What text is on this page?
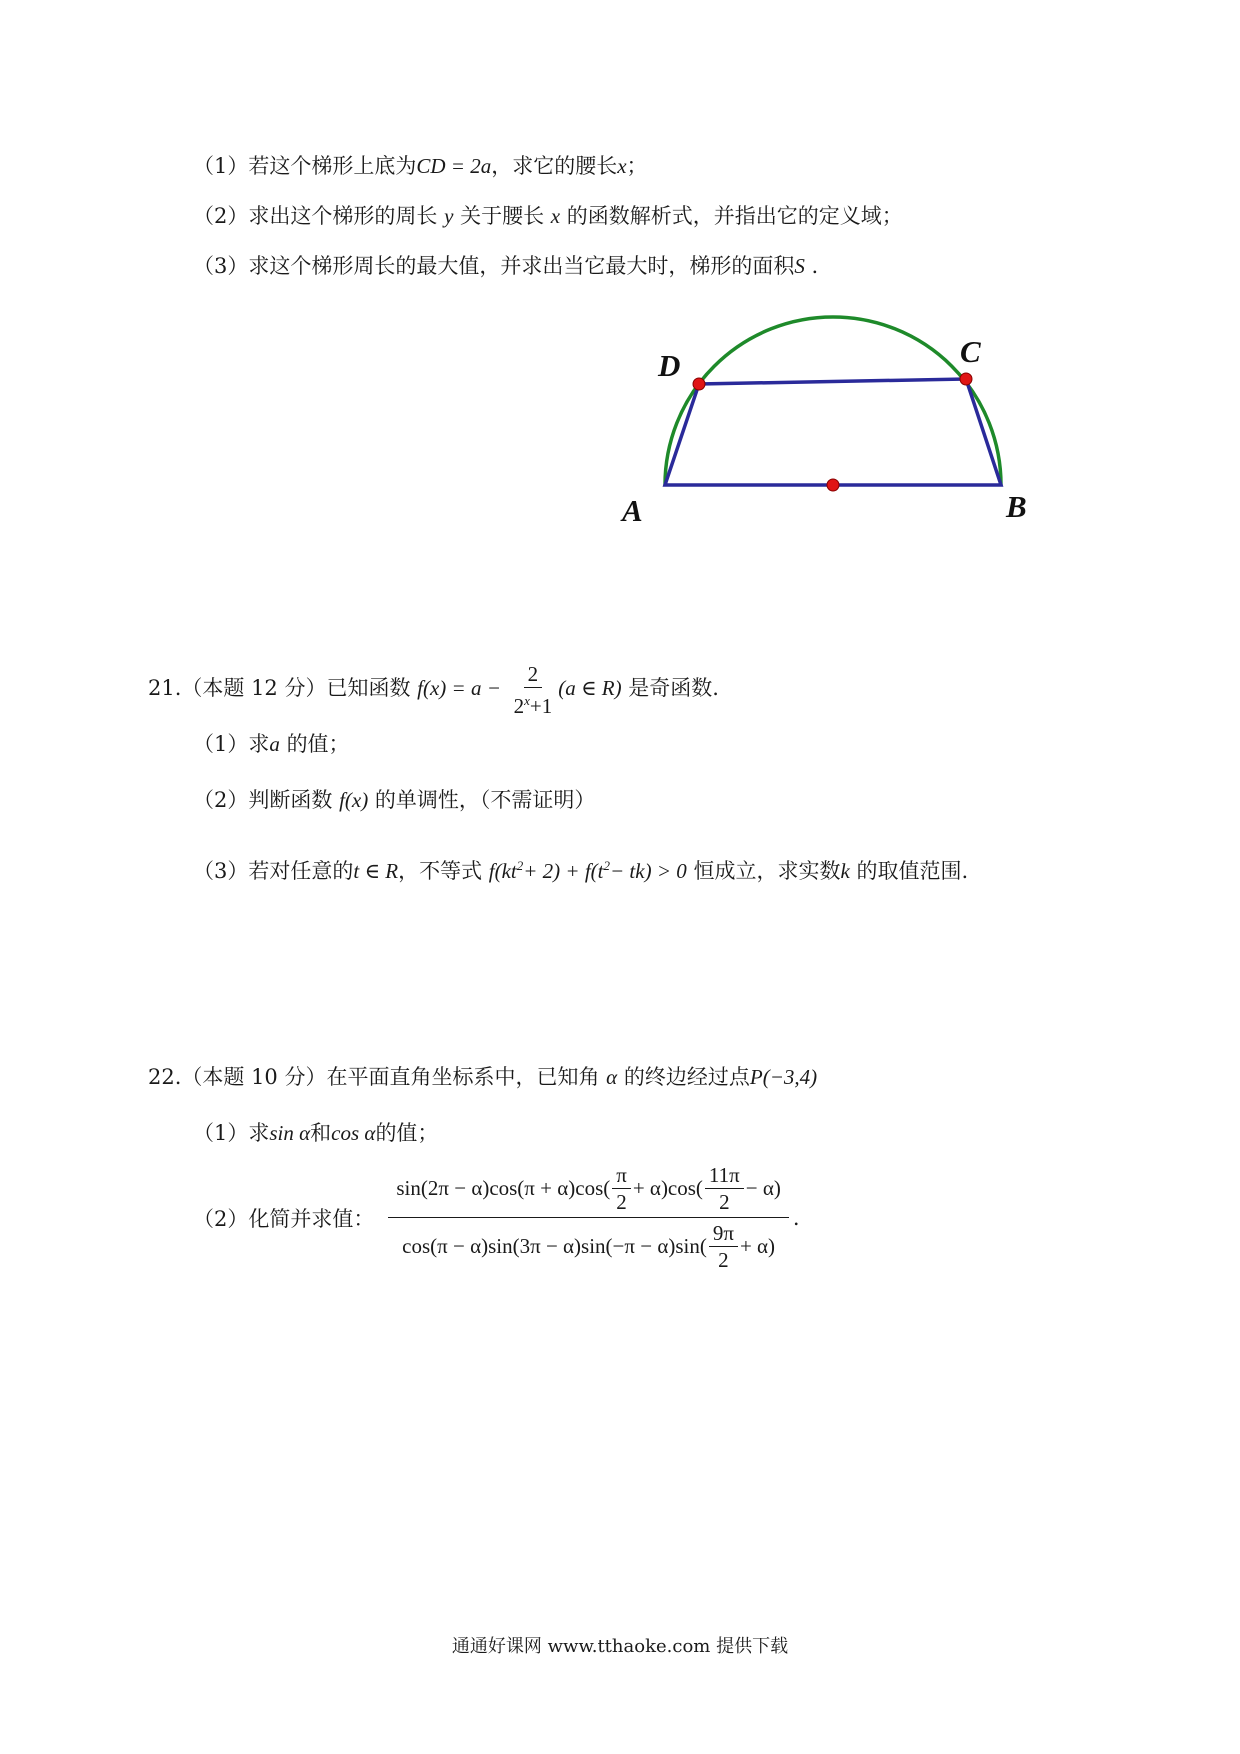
（1）若这个梯形上底为CD = 2a，求它的腰长x；
（2）求出这个梯形的周长 y 关于腰长 x 的函数解析式，并指出它的定义域；
（3）求这个梯形周长的最大值，并求出当它最大时，梯形的面积S .
D	C
A	B
21.（本题 12 分）已知函数 $f(x) = a - \frac{2}{2^x+1} (a$ ∈ R) 是奇函数.
（1）求a 的值；
（2）判断函数 f(x) 的单调性，（不需证明）
（3）若对任意的t ∈ R，不等式 $f(kt^2+ 2) + f(t^2- tk) > 0$ 恒成立，求实数k 的取值范围.
22.（本题 10 分）在平面直角坐标系中，已知角 α 的终边经过点P(−3,4)
（1）求sin α和cos α的值；
（2）化简并求值：
$\sin(2\pi - \alpha)\cos(\pi + \alpha)\cos( \frac{\pi}{2} + \alpha)\cos( \frac{11\pi}{2} - \alpha)$
$\cos(\pi - \alpha)\sin(3\pi - \alpha)\sin(-\pi - \alpha)\sin( \frac{9\pi}{2} + \alpha)$
.
通通好课网 www.tthaoke.com 提供下载
